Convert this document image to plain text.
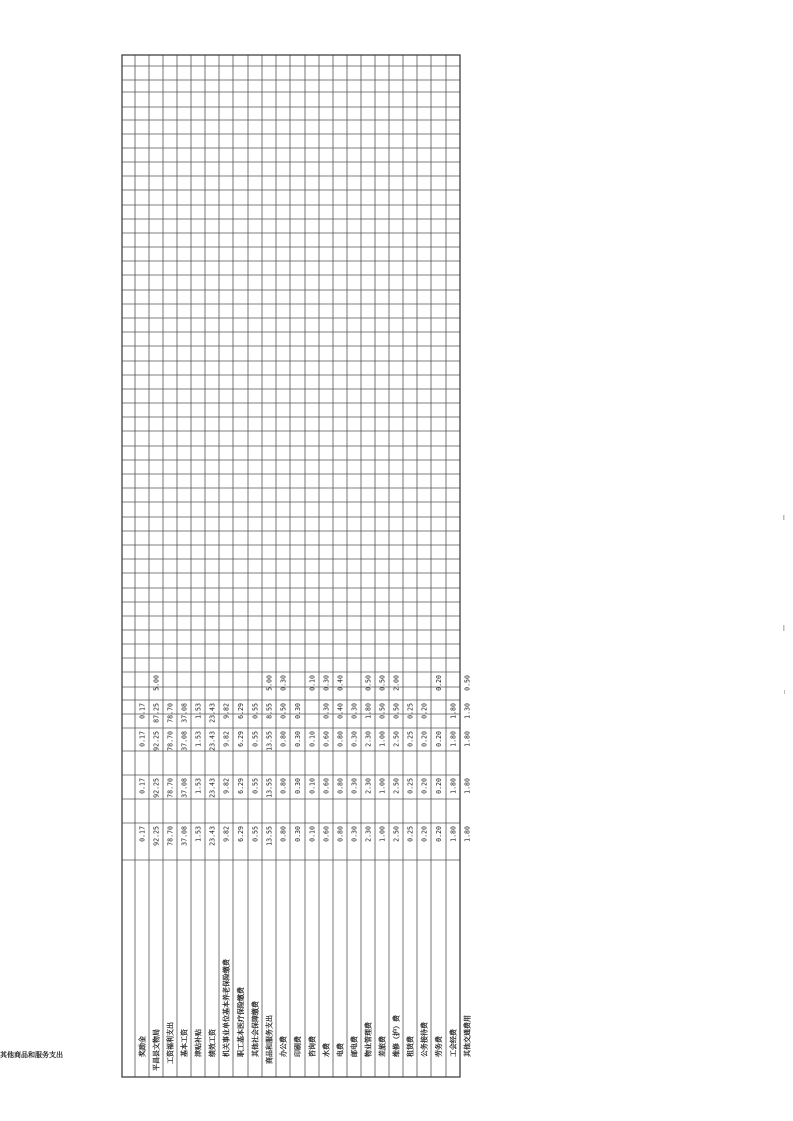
奖励金
0.17
0.17
0.17
0.17
平昌县文物局
92.25
92.25
92.25
87.25
5.00
工资福利支出
78.70
78.70
78.70
78.70
基本工资
37.08
37.08
37.08
37.08
津贴补贴
1.53
1.53
1.53
1.53
绩效工资
23.43
23.43
23.43
23.43
机关事业单位基本养老保险缴费
9.82
9.82
9.82
9.82
职工基本医疗保险缴费
6.29
6.29
6.29
6.29
其他社会保障缴费
0.55
0.55
0.55
0.55
商品和服务支出
13.55
13.55
13.55
8.55
5.00
办公费
0.80
0.80
0.80
0.50
0.30
印刷费
0.30
0.30
0.30
0.30
咨询费
0.10
0.10
0.10
0.10
水费
0.60
0.60
0.60
0.30
0.30
电费
0.80
0.80
0.80
0.40
0.40
邮电费
0.30
0.30
0.30
0.30
物业管理费
2.30
2.30
2.30
1.80
0.50
差旅费
1.00
1.00
1.00
0.50
0.50
维修（护）费
2.50
2.50
2.50
0.50
2.00
租赁费
0.25
0.25
0.25
0.25
公务接待费
0.20
0.20
0.20
0.20
劳务费
0.20
0.20
0.20
0.20
工会经费
1.80
1.80
1.80
1.80
其他交通费用
1.80
1.80
1.80
1.30
0.50
其他商品和服务支出
